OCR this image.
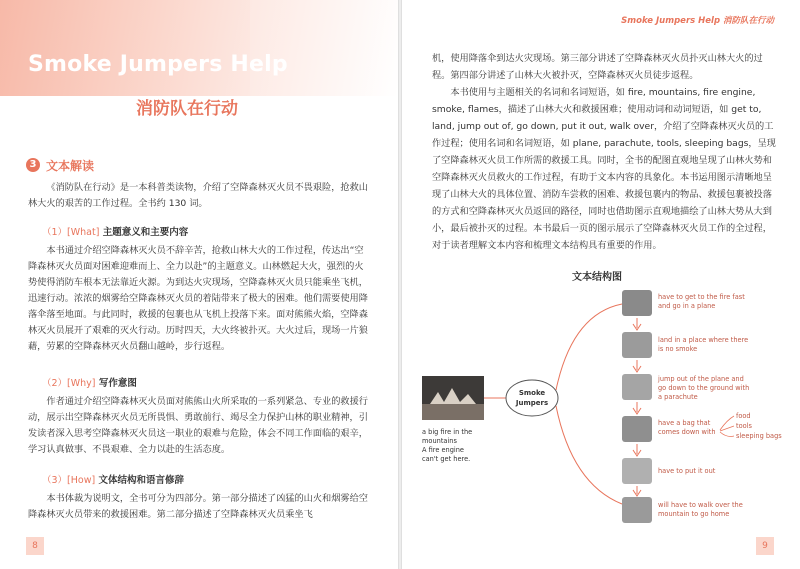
Smoke Jumpers Help
消防队在行动
3 文本解读
《消防队在行动》是一本科普类读物，介绍了空降森林灭火员不畏艰险，抢救山林大火的艰苦的工作过程。全书约 130 词。
（1）[What] 主题意义和主要内容
本书通过介绍空降森林灭火员不辞辛苦，抢救山林大火的工作过程，传达出“空降森林灭火员面对困难迎难而上、全力以赴”的主题意义。山林燃起大火，强烈的火势使得消防车根本无法靠近火源。为到达火灾现场，空降森林灭火员只能乘坐飞机，迅速行动。浓浓的烟雾给空降森林灭火员的着陆带来了极大的困难。他们需要使用降落伞落至地面。与此同时，救援的包裹也从飞机上投落下来。面对熊熊火焰，空降森林灭火员展开了艰难的灭火行动。历时四天，大火终被扑灭。大火过后，现场一片狼藉，劳累的空降森林灭火员翻山越岭，步行返程。
（2）[Why] 写作意图
作者通过介绍空降森林灭火员面对熊熊山火所采取的一系列紧急、专业的救援行动，展示出空降森林灭火员无所畏惧、勇敢前行、竭尽全力保护山林的职业精神，引发读者深入思考空降森林灭火员这一职业的艰难与危险，体会不同工作面临的艰辛，学习认真做事、不畏艰难、全力以赴的生活态度。
（3）[How] 文体结构和语言修辞
本书体裁为说明文，全书可分为四部分。第一部分描述了凶猛的山火和烟雾给空降森林灭火员带来的救援困难。第二部分描述了空降森林灭火员乘坐飞
8
Smoke Jumpers Help 消防队在行动
机，使用降落伞到达火灾现场。第三部分讲述了空降森林灭火员扑灭山林大火的过程。第四部分讲述了山林大火被扑灭，空降森林灭火员徒步返程。
本书使用与主题相关的名词和名词短语，如 fire, mountains, fire engine, smoke, flames，描述了山林大火和救援困难；使用动词和动词短语，如 get to, land, jump out of, go down, put it out, walk over，介绍了空降森林灭火员的工作过程；使用名词和名词短语，如 plane, parachute, tools, sleeping bags，呈现了空降森林灭火员工作所需的救援工具。同时，全书的配图直观地呈现了山林火势和空降森林灭火员救火的工作过程，有助于文本内容的具象化。本书运用图示清晰地呈现了山林大火的具体位置、消防车尝救的困难、救援包裹内的物品、救援包裹被投落的方式和空降森林灭火员返回的路径，同时也借助图示直观地描绘了山林大势从大到小，最后被扑灭的过程。本书最后一页的图示展示了空降森林灭火员工作的全过程，对于读者理解文本内容和梳理文本结构具有重要的作用。
文本结构图
a big fire in the
mountains
A fire engine
can't get here.
Smoke
Jumpers
have to get to the fire fast
and go in a plane
land in a place where there
is no smoke
jump out of the plane and
go down to the ground with
a parachute
have a bag that
comes down with
food
tools
sleeping bags
have to put it out
will have to walk over the
mountain to go home
9
